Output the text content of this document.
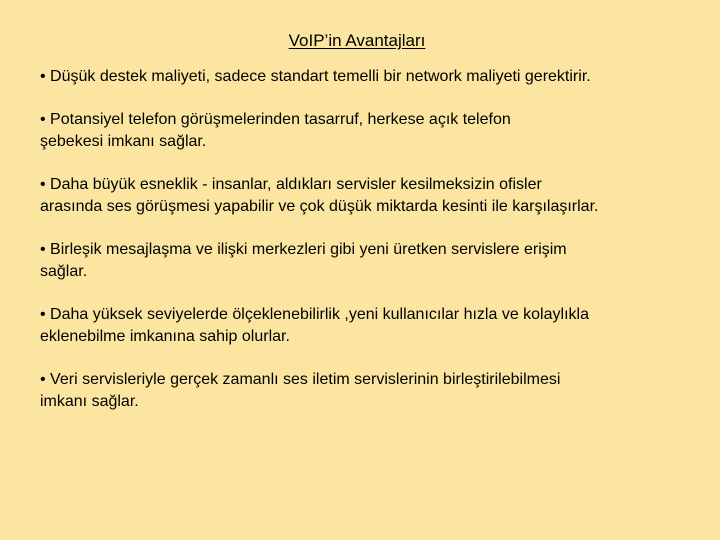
VoIP’in Avantajları
• Düşük destek maliyeti, sadece standart temelli bir network maliyeti gerektirir.
• Potansiyel telefon görüşmelerinden tasarruf, herkese açık telefon
şebekesi imkanı sağlar.
• Daha büyük esneklik - insanlar, aldıkları servisler kesilmeksizin ofisler
arasında ses görüşmesi yapabilir ve çok düşük miktarda kesinti ile karşılaşırlar.
• Birleşik mesajlaşma ve ilişki merkezleri gibi yeni üretken servislere erişim
sağlar.
• Daha yüksek seviyelerde ölçeklenebilirlik ,yeni kullanıcılar hızla ve kolaylıkla
eklenebilme imkanına sahip olurlar.
• Veri servisleriyle gerçek zamanlı ses iletim servislerinin birleştirilebilmesi
imkanı sağlar.
